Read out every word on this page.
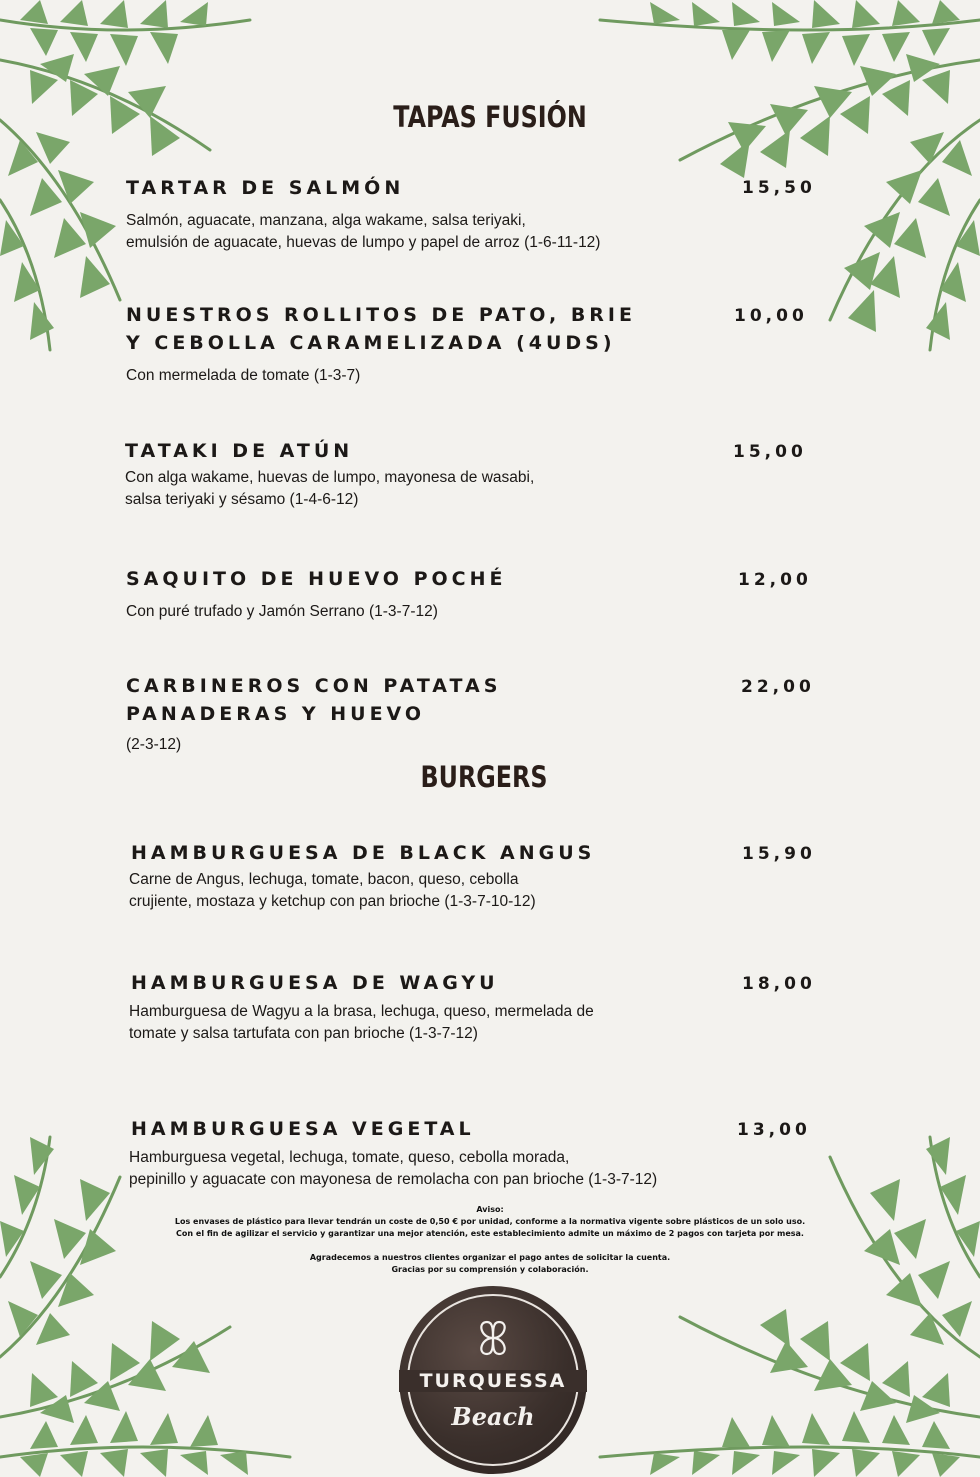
TAPAS FUSIÓN
TARTAR DE SALMÓN
Salmón, aguacate, manzana, alga wakame, salsa teriyaki,
emulsión de aguacate, huevas de lumpo y papel de arroz (1-6-11-12)
15,50
NUESTROS ROLLITOS DE PATO, BRIE
Y CEBOLLA CARAMELIZADA (4UDS)
Con mermelada de tomate (1-3-7)
10,00
TATAKI DE ATÚN
Con alga wakame, huevas de lumpo, mayonesa de wasabi,
salsa teriyaki y sésamo (1-4-6-12)
15,00
SAQUITO DE HUEVO POCHÉ
Con puré trufado y Jamón Serrano (1-3-7-12)
12,00
CARBINEROS CON PATATAS
PANADERAS Y HUEVO
(2-3-12)
22,00
BURGERS
HAMBURGUESA DE BLACK ANGUS
Carne de Angus, lechuga, tomate, bacon, queso, cebolla
crujiente, mostaza y ketchup con pan brioche (1-3-7-10-12)
15,90
HAMBURGUESA DE WAGYU
Hamburguesa de Wagyu a la brasa, lechuga, queso, mermelada de
tomate y salsa tartufata con pan brioche (1-3-7-12)
18,00
HAMBURGUESA VEGETAL
Hamburguesa vegetal, lechuga, tomate, queso, cebolla morada,
pepinillo y aguacate con mayonesa de remolacha con pan brioche (1-3-7-12)
13,00

Aviso:

Los envases de plástico para llevar tendrán un coste de 0,50 € por unidad, conforme a la normativa vigente sobre plásticos de un solo uso.

Con el fin de agilizar el servicio y garantizar una mejor atención, este establecimiento admite un máximo de 2 pagos con tarjeta por mesa.

Agradecemos a nuestros clientes organizar el pago antes de solicitar la cuenta.

Gracias por su comprensión y colaboración.

TURQUESSA
Beach
